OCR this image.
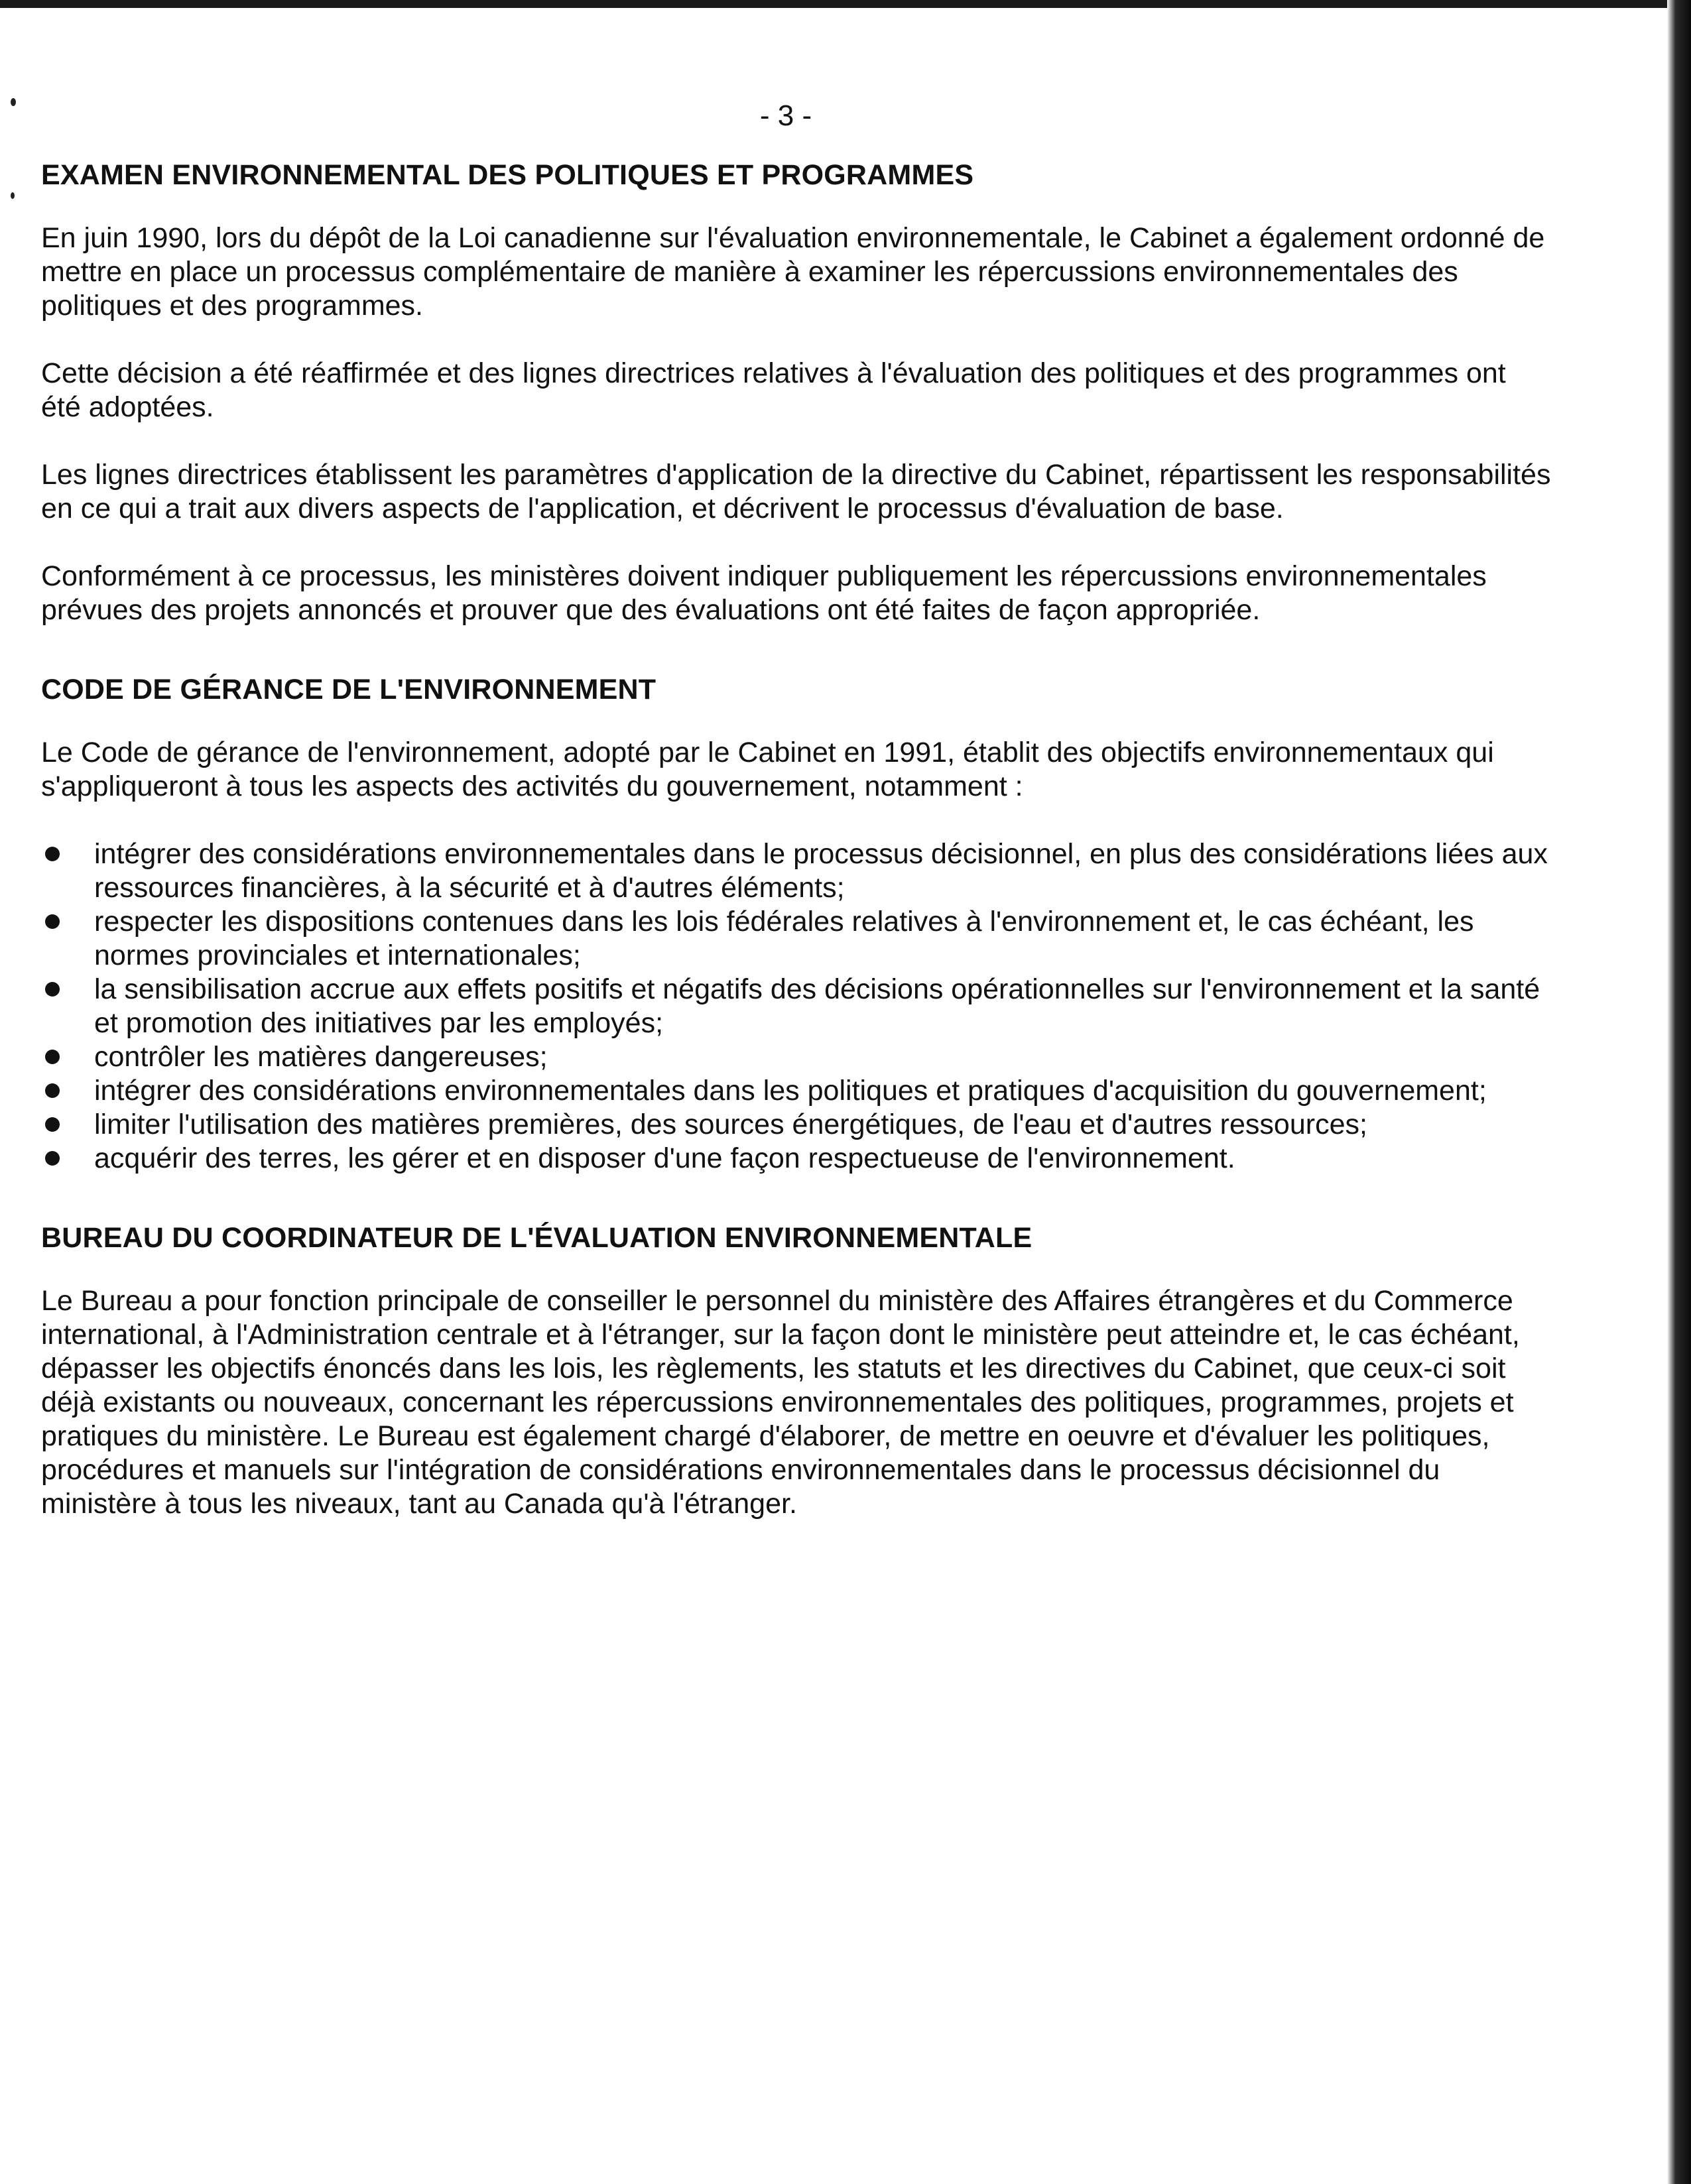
- 3 -
EXAMEN ENVIRONNEMENTAL DES POLITIQUES ET PROGRAMMES

En juin 1990, lors du dépôt de la Loi canadienne sur l'évaluation environnementale, le Cabinet a également ordonné de mettre en place un processus complémentaire de manière à examiner les répercussions environnementales des politiques et des programmes.

Cette décision a été réaffirmée et des lignes directrices relatives à l'évaluation des politiques et des programmes ont été adoptées.

Les lignes directrices établissent les paramètres d'application de la directive du Cabinet, répartissent les responsabilités en ce qui a trait aux divers aspects de l'application, et décrivent le processus d'évaluation de base.

Conformément à ce processus, les ministères doivent indiquer publiquement les répercussions environnementales prévues des projets annoncés et prouver que des évaluations ont été faites de façon appropriée.

CODE DE GÉRANCE DE L'ENVIRONNEMENT

Le Code de gérance de l'environnement, adopté par le Cabinet en 1991, établit des objectifs environnementaux qui s'appliqueront à tous les aspects des activités du gouvernement, notamment :

intégrer des considérations environnementales dans le processus décisionnel, en plus des considérations liées aux ressources financières, à la sécurité et à d'autres éléments;
respecter les dispositions contenues dans les lois fédérales relatives à l'environnement et, le cas échéant, les normes provinciales et internationales;
la sensibilisation accrue aux effets positifs et négatifs des décisions opérationnelles sur l'environnement et la santé et promotion des initiatives par les employés;
contrôler les matières dangereuses;
intégrer des considérations environnementales dans les politiques et pratiques d'acquisition du gouvernement;
limiter l'utilisation des matières premières, des sources énergétiques, de l'eau et d'autres ressources;
acquérir des terres, les gérer et en disposer d'une façon respectueuse de l'environnement.
BUREAU DU COORDINATEUR DE L'ÉVALUATION ENVIRONNEMENTALE

Le Bureau a pour fonction principale de conseiller le personnel du ministère des Affaires étrangères et du Commerce international, à l'Administration centrale et à l'étranger, sur la façon dont le ministère peut atteindre et, le cas échéant, dépasser les objectifs énoncés dans les lois, les règlements, les statuts et les directives du Cabinet, que ceux-ci soit déjà existants ou nouveaux, concernant les répercussions environnementales des politiques, programmes, projets et pratiques du ministère. Le Bureau est également chargé d'élaborer, de mettre en oeuvre et d'évaluer les politiques, procédures et manuels sur l'intégration de considérations environnementales dans le processus décisionnel du ministère à tous les niveaux, tant au Canada qu'à l'étranger.
